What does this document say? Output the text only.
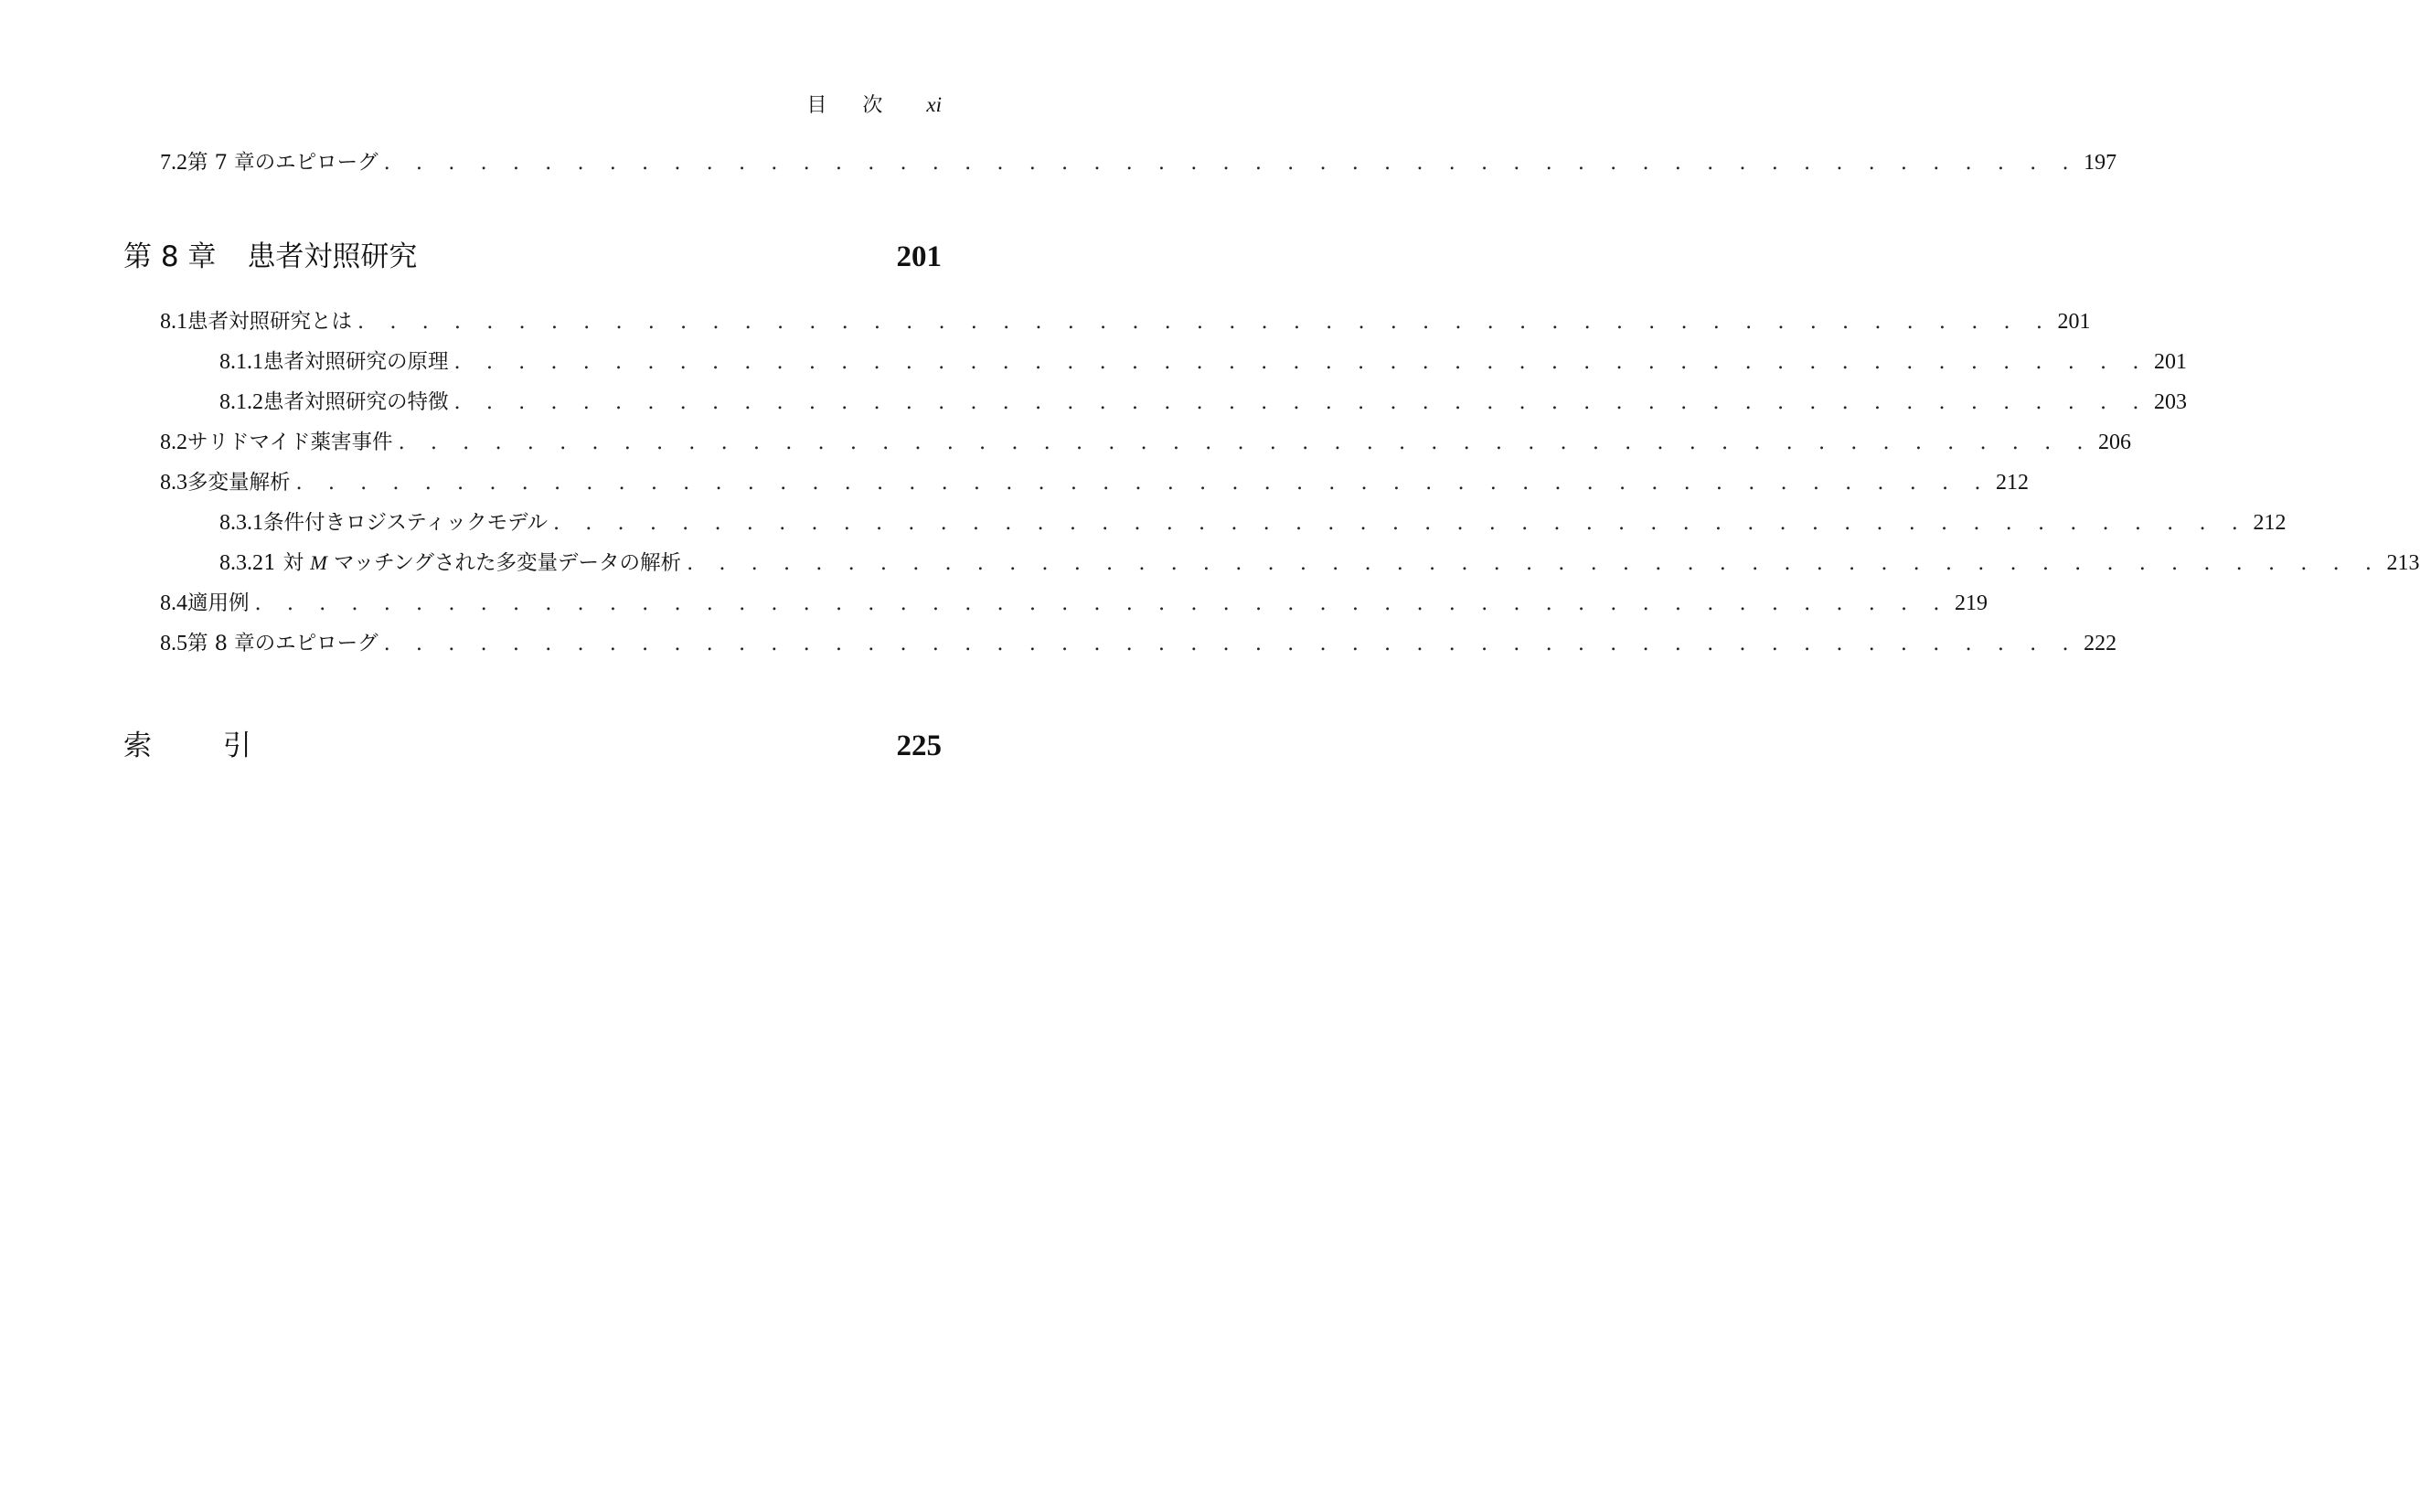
目 次 xi
7.2 第 7 章のエピローグ . . . . . . . . . . . . . . . . . . . . . . . . . . . . . . . . . . . . . . . . . . . . . . . . . . . . . 197
第 8 章 患者対照研究	201
8.1 患者対照研究とは . . . . . . . . . . . . . . . . . . . . . . . . . . . . . . . . . . . . . . . . . . . . . . . . . . . . . 201
8.1.1 患者対照研究の原理 . . . . . . . . . . . . . . . . . . . . . . . . . . . . . . . . . . . . . . . . . . . . . . . . . . . . . 201
8.1.2 患者対照研究の特徴 . . . . . . . . . . . . . . . . . . . . . . . . . . . . . . . . . . . . . . . . . . . . . . . . . . . . . 203
8.2 サリドマイド薬害事件 . . . . . . . . . . . . . . . . . . . . . . . . . . . . . . . . . . . . . . . . . . . . . . . . . . . . . 206
8.3 多変量解析 . . . . . . . . . . . . . . . . . . . . . . . . . . . . . . . . . . . . . . . . . . . . . . . . . . . . . 212
8.3.1 条件付きロジスティックモデル . . . . . . . . . . . . . . . . . . . . . . . . . . . . . . . . . . . . . . . . . . . . . . . . . . . . . 212
8.3.2 1 対 M マッチングされた多変量データの解析 . . . . . . . . . . . . . . . . . . . . . . . . . . . . . . . . . . . . . . . . . . . . . . . . . . . . . 213
8.4 適用例 . . . . . . . . . . . . . . . . . . . . . . . . . . . . . . . . . . . . . . . . . . . . . . . . . . . . . 219
8.5 第 8 章のエピローグ . . . . . . . . . . . . . . . . . . . . . . . . . . . . . . . . . . . . . . . . . . . . . . . . . . . . . 222
索 引	225
